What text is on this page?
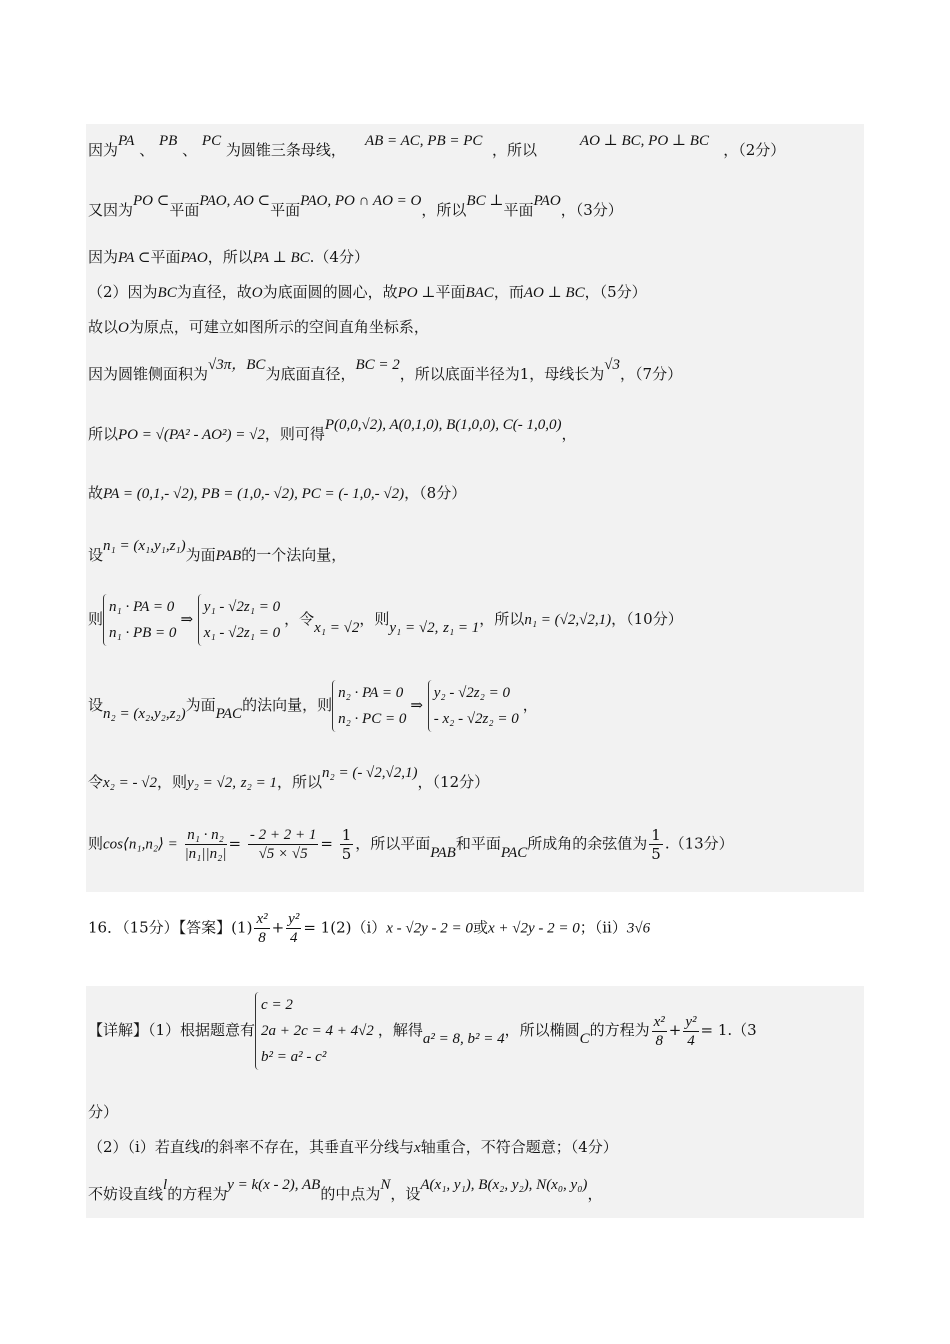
因为PA 、 PB 、 PC 为圆锥三条母线， AB = AC, PB = PC ，所以	AO ⊥ BC, PO ⊥ BC ，（2分）
又因为PO ⊂平面PAO, AO ⊂平面PAO, PO ∩ AO = O，所以BC ⊥平面PAO，（3分）
因为PA ⊂平面PAO，所以PA ⊥ BC.（4分）
（2）因为BC为直径，故O为底面圆的圆心，故PO ⊥平面BAC，而AO ⊥ BC，（5分）
故以O为原点，可建立如图所示的空间直角坐标系，
因为圆锥侧面积为√3π，BC为底面直径，BC = 2，所以底面半径为1，母线长为√3，（7分）
所以PO = √(PA² - AO²) = √2，则可得P(0,0,√2), A(0,1,0), B(1,0,0), C(- 1,0,0)，
故PA = (0,1,- √2), PB = (1,0,- √2), PC = (- 1,0,- √2)，（8分）
设n₁ = (x₁,y₁,z₁)为面PAB的一个法向量，
则n₁ · PA = 0
n₁ · PB = 0⇒ y₁ - √2z₁ = 0
x₁ - √2z₁ = 0，令x₁ = √2，则y₁ = √2, z₁ = 1，所以n₁ = (√2,√2,1)，（10分）
设n₂ = (x₂,y₂,z₂)为面PAC的法向量，则n₂ · PA = 0
n₂ · PC = 0⇒ y₂ - √2z₂ = 0
- x₂ - √2z₂ = 0，
令x₂ = - √2，则y₂ = √2, z₂ = 1，所以n₂ = (- √2,√2,1)，（12分）
则cos⟨n₁,n₂⟩ = $\frac{\text{n₁ · n₂}}{\text{|n₁||n₂|}} = \frac{- 2 + 2 + 1}{√5 \times √5} = \frac{1}{5}$ ，所以平面PAB和平面PAC所成角的余弦值为 $\frac{1}{5} .(13$分）
16．（15分）【答案】$(1) \frac{\text{x²}}{8} + \frac{\text{y²}}{4} = 1(2)(i)x - √2y - 2 = 0$或x + √2y - 2 = 0；（ii）3√6
【详解】（1）根据题意有c = 2
2a + 2c = 4 + 4√2
b² = a² - c²，解得a² = 8, b² = 4，所以椭圆C的方程为 $\frac{\text{x²}}{8} + \frac{\text{y²}}{4} = 1.(3$
分）
（2）（i）若直线l的斜率不存在，其垂直平分线与x轴重合，不符合题意；（4分）
不妨设直线l的方程为y = k(x - 2), AB的中点为N，设A(x₁, y₁), B(x₂, y₂), N(x₀, y₀)，
